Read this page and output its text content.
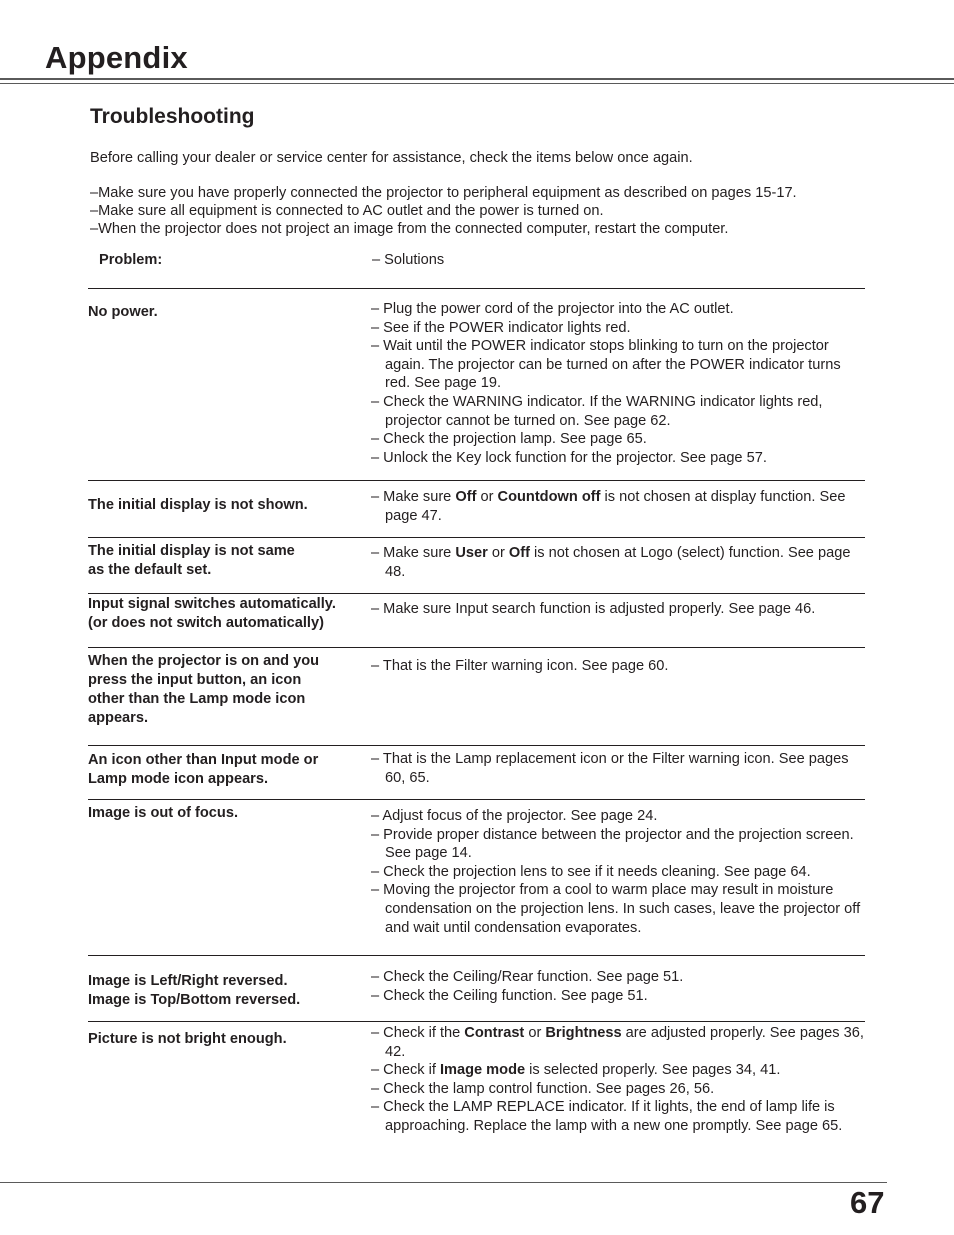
Appendix
Troubleshooting
Before calling your dealer or service center for assistance, check the items below once again.
–Make sure you have properly connected the projector to peripheral equipment as described on pages 15-17.
–Make sure all equipment is connected to AC outlet and the power is turned on.
–When the projector does not project an image from the connected computer, restart the computer.
Problem:	– Solutions
No power.	– Plug the power cord of the projector into the AC outlet.
– See if the POWER indicator lights red.
– Wait until the POWER indicator stops blinking to turn on the projector again. The projector can be turned on after the POWER indicator turns red. See page 19.
– Check the WARNING indicator. If the WARNING indicator lights red, projector cannot be turned on. See page 62.
– Check the projection lamp. See page 65.
– Unlock the Key lock function for the projector. See page 57.
The initial display is not shown.	– Make sure Off or Countdown off is not chosen at display function. See page 47.
The initial display is not same
as the default set.
– Make sure User or Off is not chosen at Logo (select) function. See page 48.
Input signal switches automatically.
(or does not switch automatically)
– Make sure Input search function is adjusted properly. See page 46.
When the projector is on and you
press the input button, an icon
other than the Lamp mode icon
appears.
– That is the Filter warning icon. See page 60.
An icon other than Input mode or
Lamp mode icon appears.
– That is the Lamp replacement icon or the Filter warning icon. See pages 60, 65.
Image is out of focus.	– Adjust focus of the projector. See page 24.
– Provide proper distance between the projector and the projection screen. See page 14.
– Check the projection lens to see if it needs cleaning. See page 64.
– Moving the projector from a cool to warm place may result in moisture condensation on the projection lens. In such cases, leave the projector off and wait until condensation evaporates.
Image is Left/Right reversed.
Image is Top/Bottom reversed.
– Check the Ceiling/Rear function. See page 51.
– Check the Ceiling function. See page 51.
Picture is not bright enough.	– Check if the Contrast or Brightness are adjusted properly. See pages 36, 42.
– Check if Image mode is selected properly. See pages 34, 41.
– Check the lamp control function. See pages 26, 56.
– Check the LAMP REPLACE indicator. If it lights, the end of lamp life is approaching. Replace the lamp with a new one promptly. See page 65.
67
